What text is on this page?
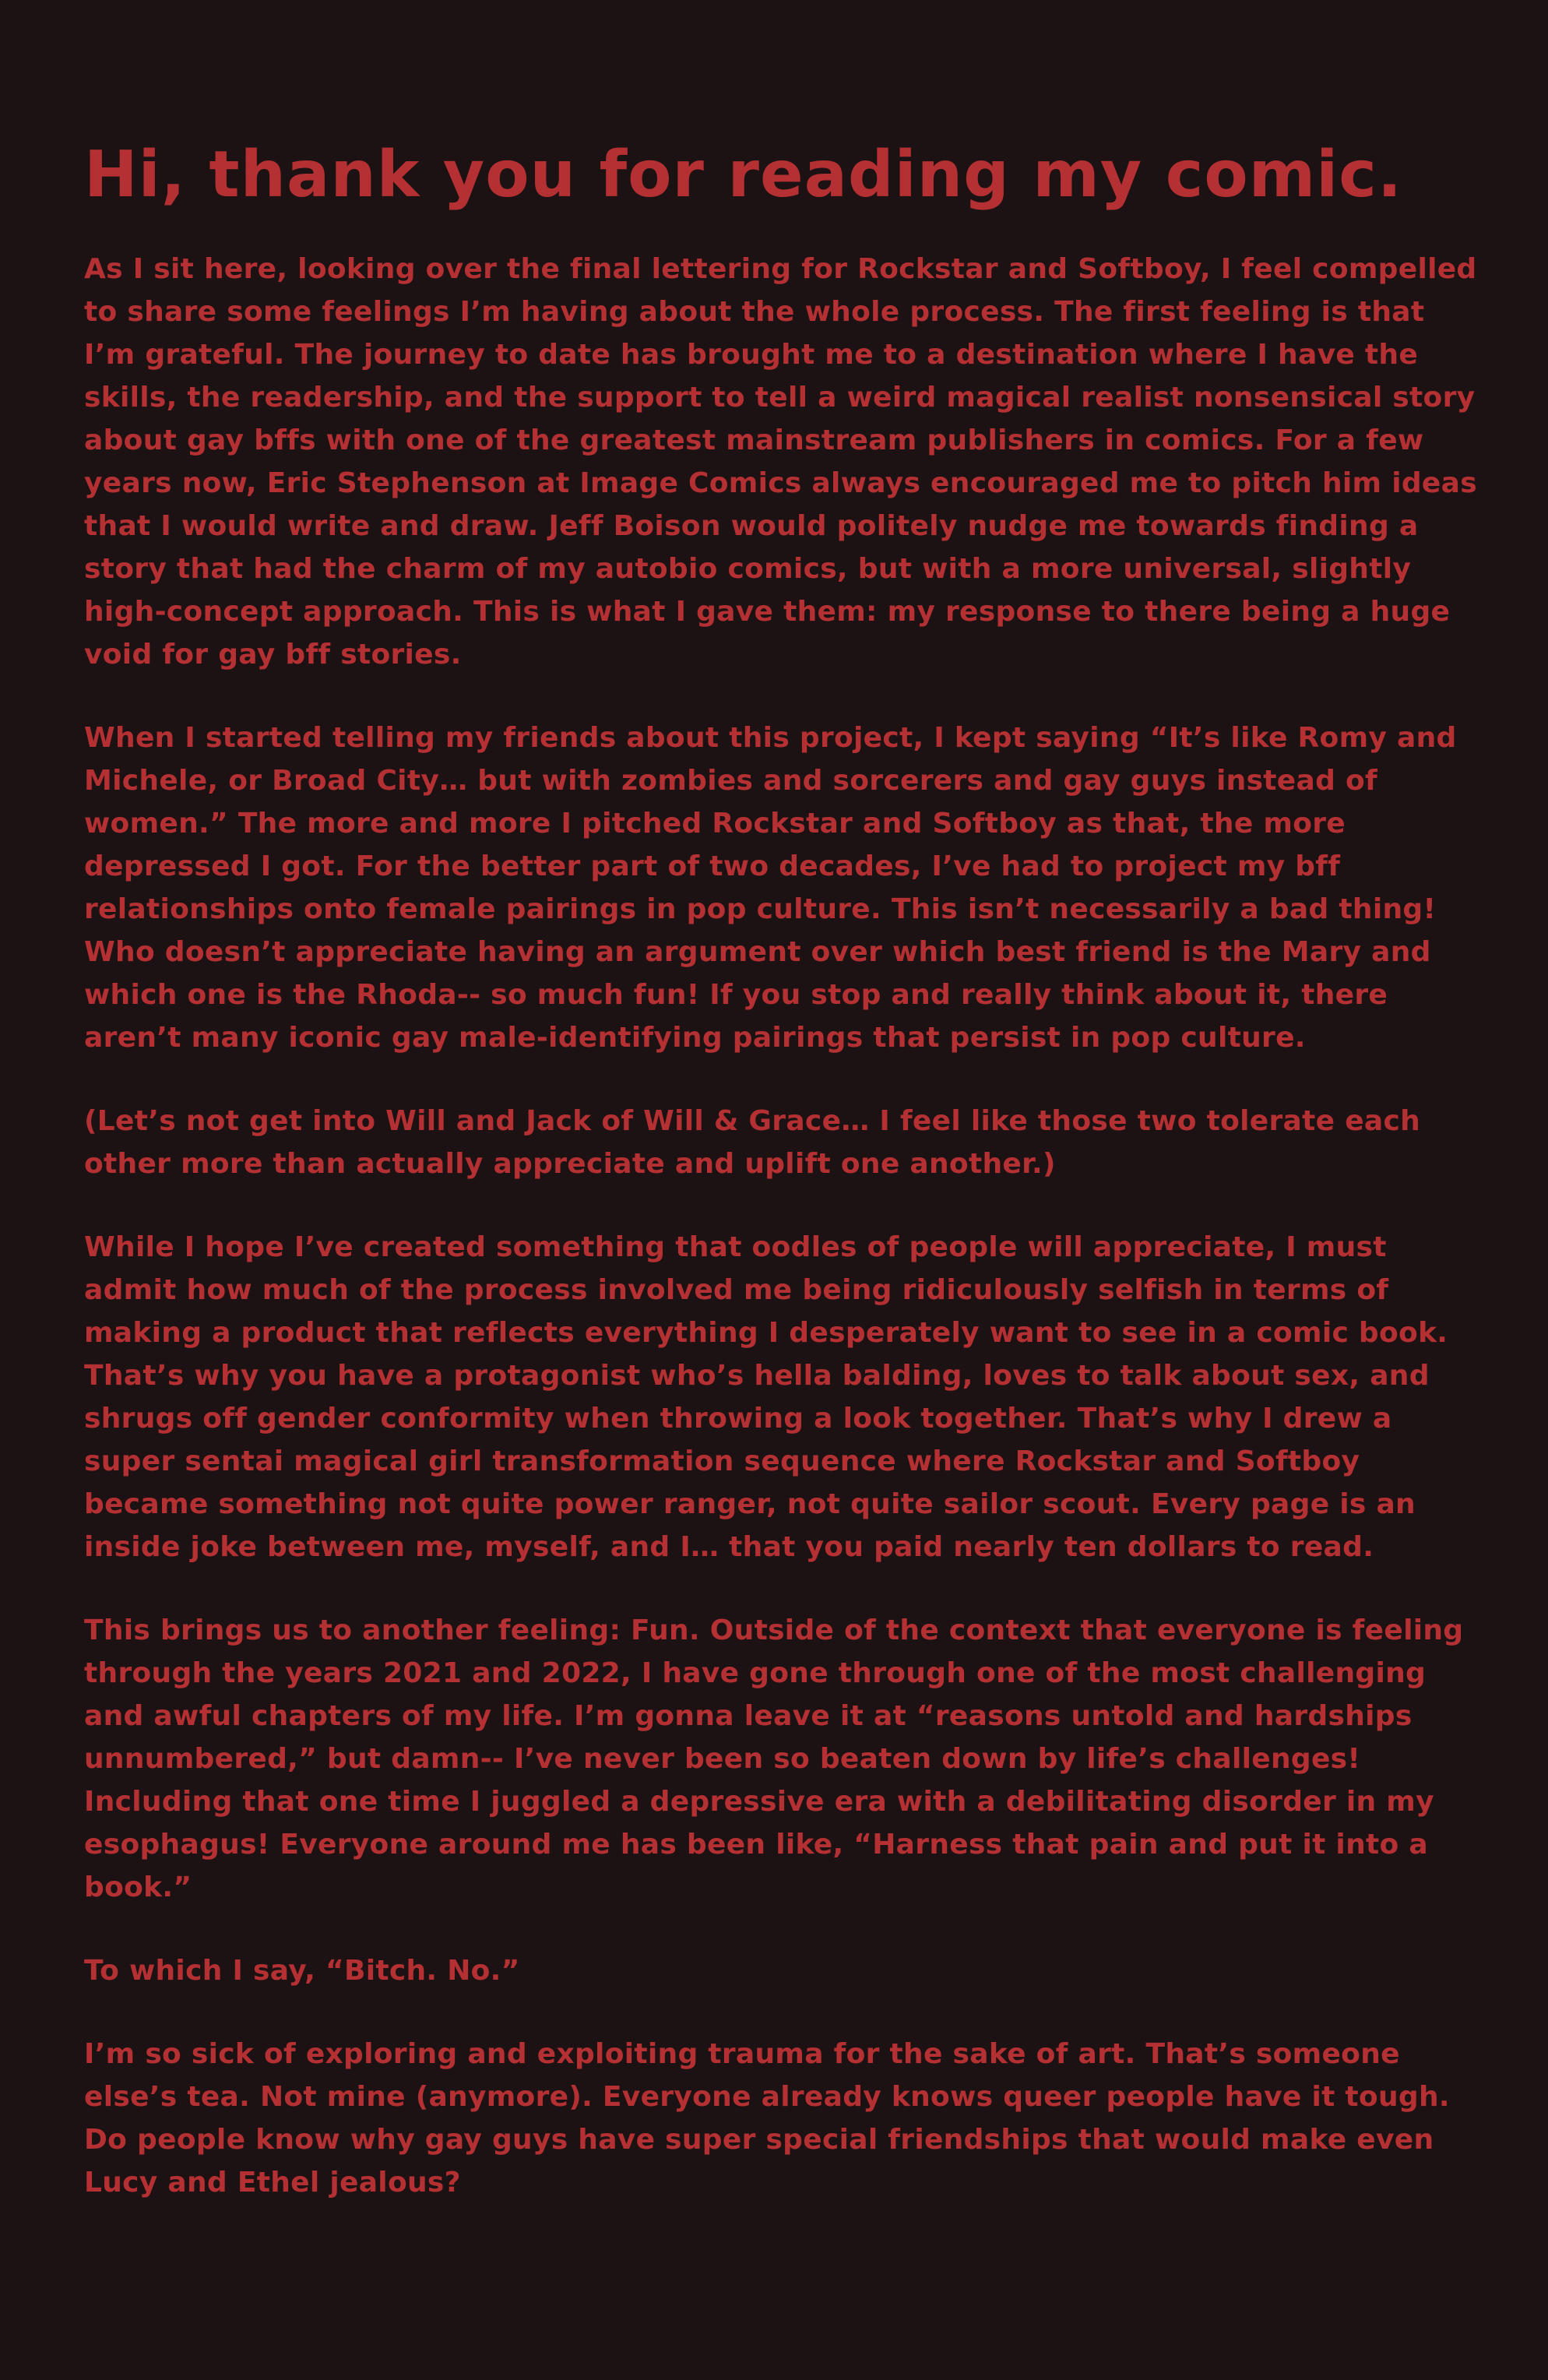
Hi, thank you for reading my comic.

As I sit here, looking over the final lettering for Rockstar and Softboy, I feel compelled to share some feelings I’m having about the whole process. The first feeling is that I’m grateful. The journey to date has brought me to a destination where I have the skills, the readership, and the support to tell a weird magical realist nonsensical story about gay bffs with one of the greatest mainstream publishers in comics. For a few years now, Eric Stephenson at Image Comics always encouraged me to pitch him ideas that I would write and draw. Jeff Boison would politely nudge me towards finding a story that had the charm of my autobio comics, but with a more universal, slightly high-concept approach. This is what I gave them: my response to there being a huge void for gay bff stories.

When I started telling my friends about this project, I kept saying “It’s like Romy and Michele, or Broad City… but with zombies and sorcerers and gay guys instead of women.” The more and more I pitched Rockstar and Softboy as that, the more depressed I got. For the better part of two decades, I’ve had to project my bff relationships onto female pairings in pop culture. This isn’t necessarily a bad thing! Who doesn’t appreciate having an argument over which best friend is the Mary and which one is the Rhoda-- so much fun! If you stop and really think about it, there aren’t many iconic gay male-identifying pairings that persist in pop culture.

(Let’s not get into Will and Jack of Will & Grace… I feel like those two tolerate each other more than actually appreciate and uplift one another.)

While I hope I’ve created something that oodles of people will appreciate, I must admit how much of the process involved me being ridiculously selfish in terms of making a product that reflects everything I desperately want to see in a comic book. That’s why you have a protagonist who’s hella balding, loves to talk about sex, and shrugs off gender conformity when throwing a look together. That’s why I drew a super sentai magical girl transformation sequence where Rockstar and Softboy became something not quite power ranger, not quite sailor scout. Every page is an inside joke between me, myself, and I… that you paid nearly ten dollars to read.

This brings us to another feeling: Fun. Outside of the context that everyone is feeling through the years 2021 and 2022, I have gone through one of the most challenging and awful chapters of my life. I’m gonna leave it at “reasons untold and hardships unnumbered,” but damn-- I’ve never been so beaten down by life’s challenges! Including that one time I juggled a depressive era with a debilitating disorder in my esophagus! Everyone around me has been like, “Harness that pain and put it into a book.”

To which I say, “Bitch. No.”

I’m so sick of exploring and exploiting trauma for the sake of art. That’s someone else’s tea. Not mine (anymore). Everyone already knows queer people have it tough. Do people know why gay guys have super special friendships that would make even Lucy and Ethel jealous?
